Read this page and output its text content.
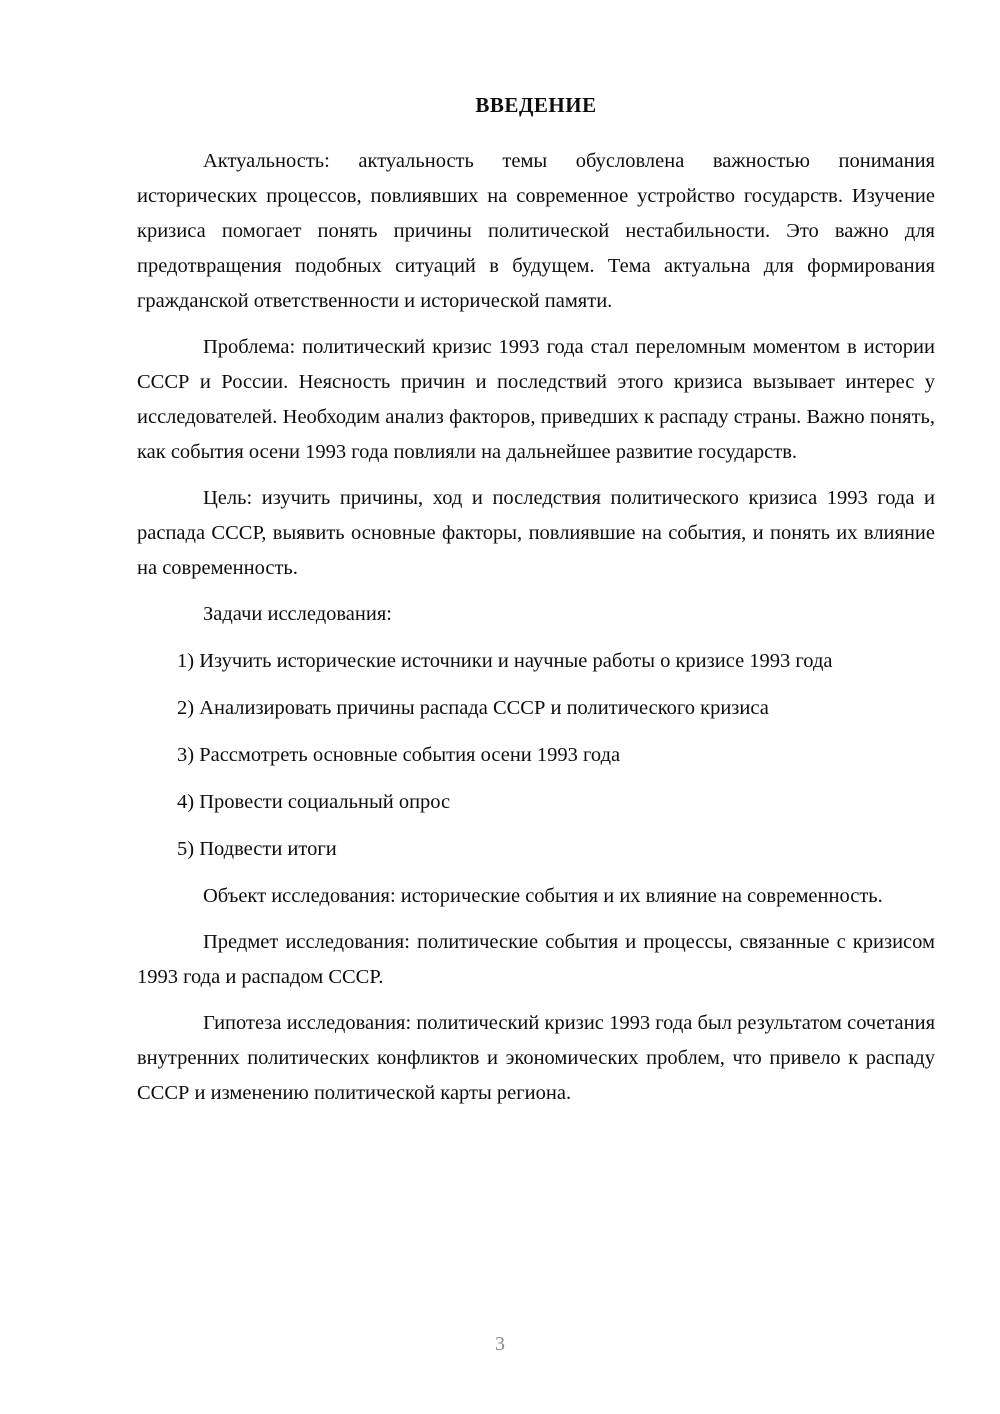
ВВЕДЕНИЕ

Актуальность: актуальность темы обусловлена важностью понимания исторических процессов, повлиявших на современное устройство государств. Изучение кризиса помогает понять причины политической нестабильности. Это важно для предотвращения подобных ситуаций в будущем. Тема актуальна для формирования гражданской ответственности и исторической памяти.

Проблема: политический кризис 1993 года стал переломным моментом в истории СССР и России. Неясность причин и последствий этого кризиса вызывает интерес у исследователей. Необходим анализ факторов, приведших к распаду страны. Важно понять, как события осени 1993 года повлияли на дальнейшее развитие государств.

Цель: изучить причины, ход и последствия политического кризиса 1993 года и распада СССР, выявить основные факторы, повлиявшие на события, и понять их влияние на современность.

Задачи исследования:

1) Изучить исторические источники и научные работы о кризисе 1993 года
2) Анализировать причины распада СССР и политического кризиса
3) Рассмотреть основные события осени 1993 года
4) Провести социальный опрос
5) Подвести итоги

Объект исследования: исторические события и их влияние на современность.

Предмет исследования: политические события и процессы, связанные с кризисом 1993 года и распадом СССР.

Гипотеза исследования: политический кризис 1993 года был результатом сочетания внутренних политических конфликтов и экономических проблем, что привело к распаду СССР и изменению политической карты региона.

3
